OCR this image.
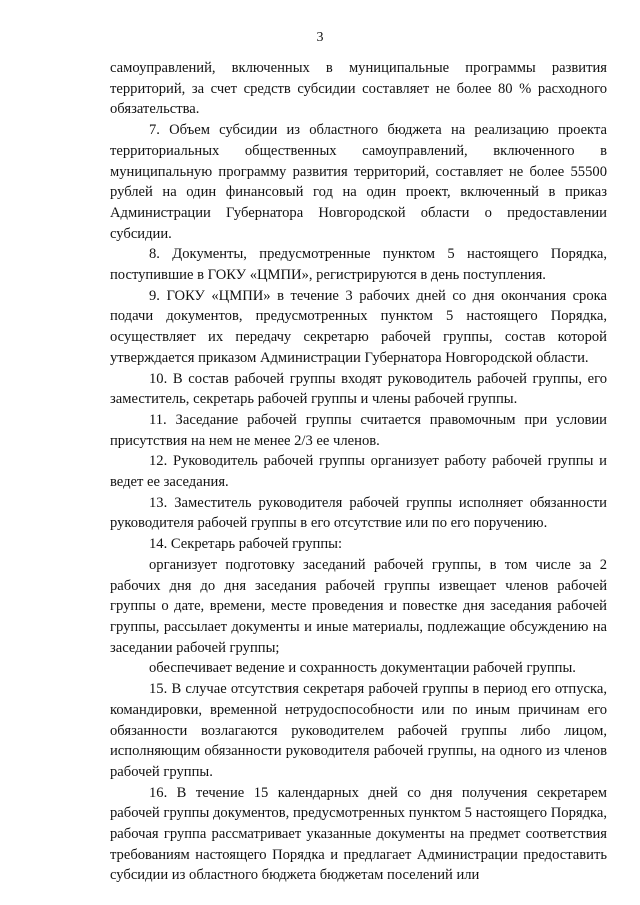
3

самоуправлений, включенных в муниципальные программы развития территорий, за счет средств субсидии составляет не более 80 % расходного обязательства.

7. Объем субсидии из областного бюджета на реализацию проекта территориальных общественных самоуправлений, включенного в муниципальную программу развития территорий, составляет не более 55500 рублей на один финансовый год на один проект, включенный в приказ Администрации Губернатора Новгородской области о предоставлении субсидии.

8. Документы, предусмотренные пунктом 5 настоящего Порядка, поступившие в ГОКУ «ЦМПИ», регистрируются в день поступления.

9. ГОКУ «ЦМПИ» в течение 3 рабочих дней со дня окончания срока подачи документов, предусмотренных пунктом 5 настоящего Порядка, осуществляет их передачу секретарю рабочей группы, состав которой утверждается приказом Администрации Губернатора Новгородской области.

10. В состав рабочей группы входят руководитель рабочей группы, его заместитель, секретарь рабочей группы и члены рабочей группы.

11. Заседание рабочей группы считается правомочным при условии присутствия на нем не менее 2/3 ее членов.

12. Руководитель рабочей группы организует работу рабочей группы и ведет ее заседания.

13. Заместитель руководителя рабочей группы исполняет обязанности руководителя рабочей группы в его отсутствие или по его поручению.

14. Секретарь рабочей группы:

организует подготовку заседаний рабочей группы, в том числе за 2 рабочих дня до дня заседания рабочей группы извещает членов рабочей группы о дате, времени, месте проведения и повестке дня заседания рабочей группы, рассылает документы и иные материалы, подлежащие обсуждению на заседании рабочей группы;

обеспечивает ведение и сохранность документации рабочей группы.

15. В случае отсутствия секретаря рабочей группы в период его отпуска, командировки, временной нетрудоспособности или по иным причинам его обязанности возлагаются руководителем рабочей группы либо лицом, исполняющим обязанности руководителя рабочей группы, на одного из членов рабочей группы.

16. В течение 15 календарных дней со дня получения секретарем рабочей группы документов, предусмотренных пунктом 5 настоящего Порядка, рабочая группа рассматривает указанные документы на предмет соответствия требованиям настоящего Порядка и предлагает Администрации предоставить субсидии из областного бюджета бюджетам поселений или
